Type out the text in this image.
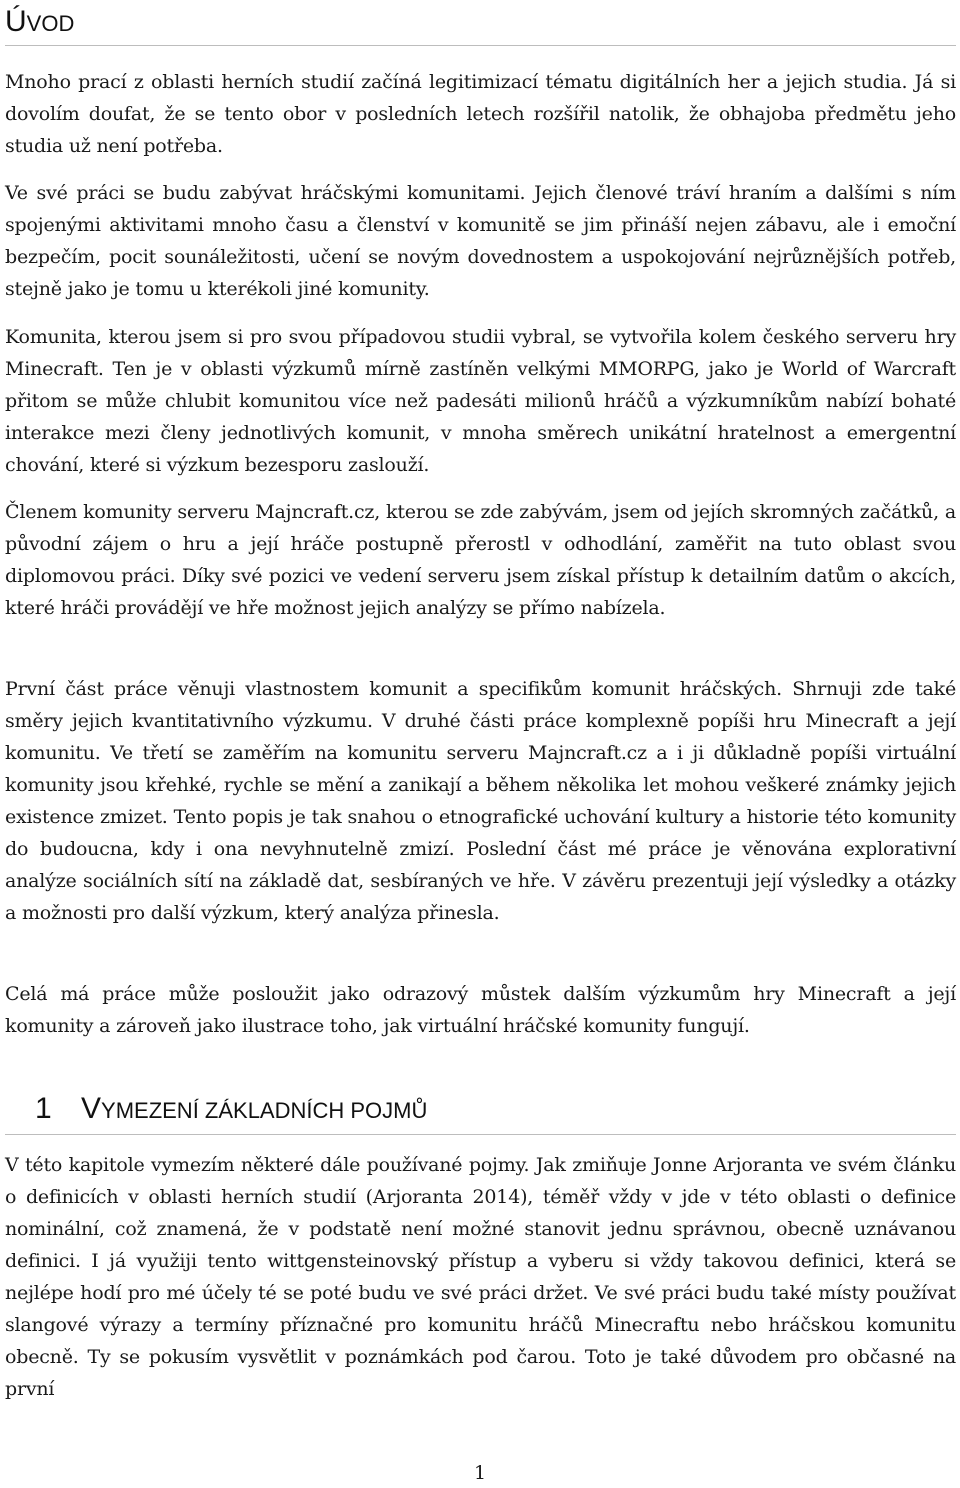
ÚVOD

Mnoho prací z oblasti herních studií začíná legitimizací tématu digitálních her a jejich studia. Já si dovolím doufat, že se tento obor v posledních letech rozšířil natolik, že obhajoba předmětu jeho studia už není potřeba.

Ve své práci se budu zabývat hráčskými komunitami. Jejich členové tráví hraním a dalšími s ním spojenými aktivitami mnoho času a členství v komunitě se jim přináší nejen zábavu, ale i emoční bezpečím, pocit sounáležitosti, učení se novým dovednostem a uspokojování nejrůznějších potřeb, stejně jako je tomu u kterékoli jiné komunity.

Komunita, kterou jsem si pro svou případovou studii vybral, se vytvořila kolem českého serveru hry Minecraft. Ten je v oblasti výzkumů mírně zastíněn velkými MMORPG, jako je World of Warcraft přitom se může chlubit komunitou více než padesáti milionů hráčů a výzkumníkům nabízí bohaté interakce mezi členy jednotlivých komunit, v mnoha směrech unikátní hratelnost a emergentní chování, které si výzkum bezesporu zaslouží.

Členem komunity serveru Majncraft.cz, kterou se zde zabývám, jsem od jejích skromných začátků, a původní zájem o hru a její hráče postupně přerostl v odhodlání, zaměřit na tuto oblast svou diplomovou práci. Díky své pozici ve vedení serveru jsem získal přístup k detailním datům o akcích, které hráči provádějí ve hře možnost jejich analýzy se přímo nabízela.

První část práce věnuji vlastnostem komunit a specifikům komunit hráčských. Shrnuji zde také směry jejich kvantitativního výzkumu. V druhé části práce komplexně popíši hru Minecraft a její komunitu. Ve třetí se zaměřím na komunitu serveru Majncraft.cz a i ji důkladně popíši virtuální komunity jsou křehké, rychle se mění a zanikají a během několika let mohou veškeré známky jejich existence zmizet. Tento popis je tak snahou o etnografické uchování kultury a historie této komunity do budoucna, kdy i ona nevyhnutelně zmizí. Poslední část mé práce je věnována explorativní analýze sociálních sítí na základě dat, sesbíraných ve hře. V závěru prezentuji její výsledky a otázky a možnosti pro další výzkum, který analýza přinesla.

Celá má práce může posloužit jako odrazový můstek dalším výzkumům hry Minecraft a její komunity a zároveň jako ilustrace toho, jak virtuální hráčské komunity fungují.

1 VYMEZENÍ ZÁKLADNÍCH POJMŮ

V této kapitole vymezím některé dále používané pojmy. Jak zmiňuje Jonne Arjoranta ve svém článku o definicích v oblasti herních studií (Arjoranta 2014), téměř vždy v jde v této oblasti o definice nominální, což znamená, že v podstatě není možné stanovit jednu správnou, obecně uznávanou definici. I já využiji tento wittgensteinovský přístup a vyberu si vždy takovou definici, která se nejlépe hodí pro mé účely té se poté budu ve své práci držet. Ve své práci budu také místy používat slangové výrazy a termíny příznačné pro komunitu hráčů Minecraftu nebo hráčskou komunitu obecně. Ty se pokusím vysvětlit v poznámkách pod čarou. Toto je také důvodem pro občasné na první

1
